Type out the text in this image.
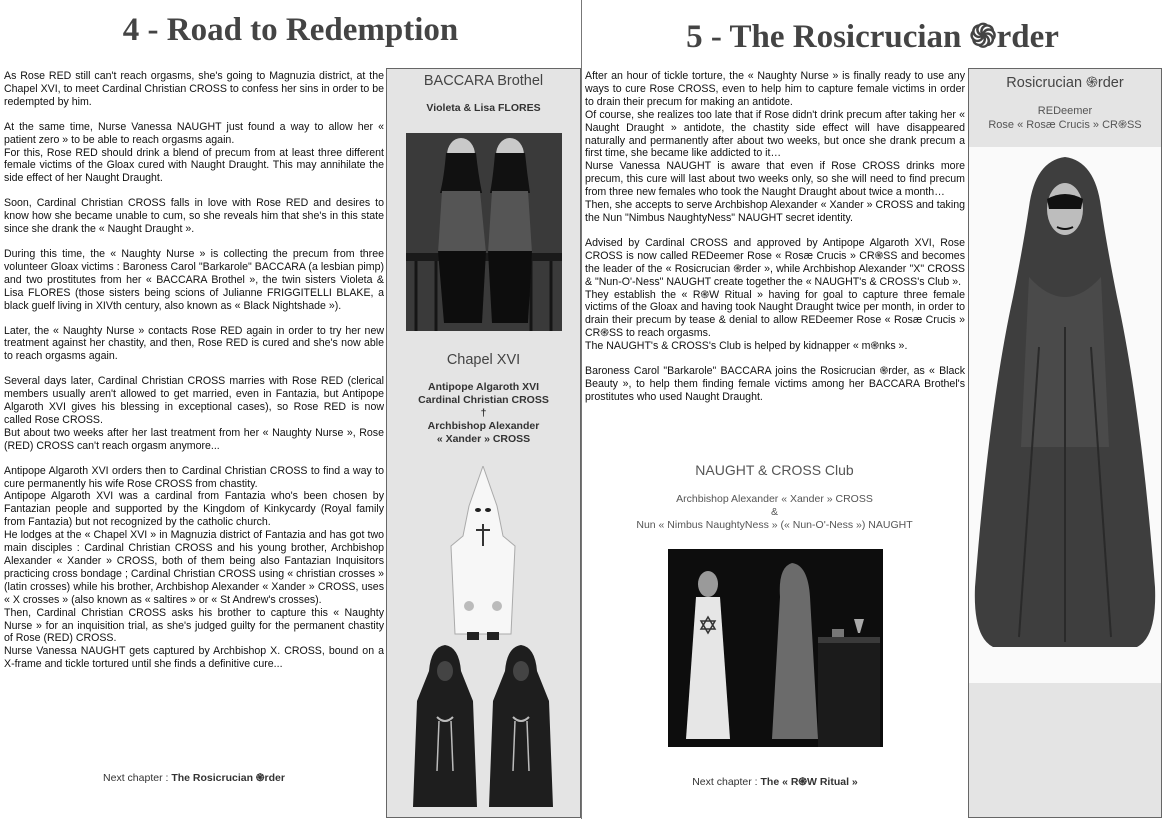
4 - Road to Redemption	5 - The Rosicrucian ֍rder

As Rose RED still can't reach orgasms, she's going to Magnuzia district, at the Chapel XVI, to meet Cardinal Christian CROSS to confess her sins in order to be redempted by him.

At the same time, Nurse Vanessa NAUGHT just found a way to allow her « patient zero » to be able to reach orgasms again.

For this, Rose RED should drink a blend of precum from at least three different female victims of the Gloax cured with Naught Draught. This may annihilate the side effect of her Naught Draught.

Soon, Cardinal Christian CROSS falls in love with Rose RED and desires to know how she became unable to cum, so she reveals him that she's in this state since she drank the « Naught Draught ».

During this time, the « Naughty Nurse » is collecting the precum from three volunteer Gloax victims : Baroness Carol "Barkarole" BACCARA (a lesbian pimp) and two prostitutes from her « BACCARA Brothel », the twin sisters Violeta & Lisa FLORES (those sisters being scions of Julianne FRIGGITELLI BLAKE, a black guelf living in XIVth century, also known as « Black Nightshade »).

Later, the « Naughty Nurse » contacts Rose RED again in order to try her new treatment against her chastity, and then, Rose RED is cured and she's now able to reach orgasms again.

Several days later, Cardinal Christian CROSS marries with Rose RED (clerical members usually aren't allowed to get married, even in Fantazia, but Antipope Algaroth XVI gives his blessing in exceptional cases), so Rose RED is now called Rose CROSS.

But about two weeks after her last treatment from her « Naughty Nurse », Rose (RED) CROSS can't reach orgasm anymore...

Antipope Algaroth XVI orders then to Cardinal Christian CROSS to find a way to cure permanently his wife Rose CROSS from chastity.

Antipope Algaroth XVI was a cardinal from Fantazia who's been chosen by Fantazian people and supported by the Kingdom of Kinkycardy (Royal family from Fantazia) but not recognized by the catholic church.

He lodges at the « Chapel XVI » in Magnuzia district of Fantazia and has got two main disciples : Cardinal Christian CROSS and his young brother, Archbishop Alexander « Xander » CROSS, both of them being also Fantazian Inquisitors practicing cross bondage ; Cardinal Christian CROSS using « christian crosses » (latin crosses) while his brother, Archbishop Alexander « Xander » CROSS, uses « X crosses » (also known as « saltires » or « St Andrew's crosses).

Then, Cardinal Christian CROSS asks his brother to capture this « Naughty Nurse » for an inquisition trial, as she's judged guilty for the permanent chastity of Rose (RED) CROSS.

Nurse Vanessa NAUGHT gets captured by Archbishop X. CROSS, bound on a X-frame and tickle tortured until she finds a definitive cure...

Next chapter : The Rosicrucian ֍rder
BACCARA Brothel
Violeta & Lisa FLORES
Chapel XVI
Antipope Algaroth XVI
Cardinal Christian CROSS
†
Archbishop Alexander
« Xander » CROSS

After an hour of tickle torture, the « Naughty Nurse » is finally ready to use any ways to cure Rose CROSS, even to help him to capture female victims in order to drain their precum for making an antidote.

Of course, she realizes too late that if Rose didn't drink precum after taking her « Naught Draught » antidote, the chastity side effect will have disappeared naturally and permanently after about two weeks, but once she drank precum a first time, she became like addicted to it…

Nurse Vanessa NAUGHT is aware that even if Rose CROSS drinks more precum, this cure will last about two weeks only, so she will need to find precum from three new females who took the Naught Draught about twice a month…

Then, she accepts to serve Archbishop Alexander « Xander » CROSS and taking the Nun "Nimbus NaughtyNess" NAUGHT secret identity.

Advised by Cardinal CROSS and approved by Antipope Algaroth XVI, Rose CROSS is now called REDeemer Rose « Rosæ Crucis » CR֍SS and becomes the leader of the « Rosicrucian ֍rder », while Archbishop Alexander "X" CROSS & "Nun-O'-Ness" NAUGHT create together the « NAUGHT's & CROSS's Club ».

They establish the « R֍W Ritual » having for goal to capture three female victims of the Gloax and having took Naught Draught twice per month, in order to drain their precum by tease & denial to allow REDeemer Rose « Rosæ Crucis » CR֍SS to reach orgasms.

The NAUGHT's & CROSS's Club is helped by kidnapper « m֍nks ».

Baroness Carol "Barkarole" BACCARA joins the Rosicrucian ֍rder, as « Black Beauty », to help them finding female victims among her BACCARA Brothel's prostitutes who used Naught Draught.

NAUGHT & CROSS Club
Archbishop Alexander « Xander » CROSS
&
Nun « Nimbus NaughtyNess » (« Nun-O'-Ness ») NAUGHT
Next chapter : The « R֍W Ritual »
Rosicrucian ֍rder
REDeemer
Rose « Rosæ Crucis » CR֍SS
